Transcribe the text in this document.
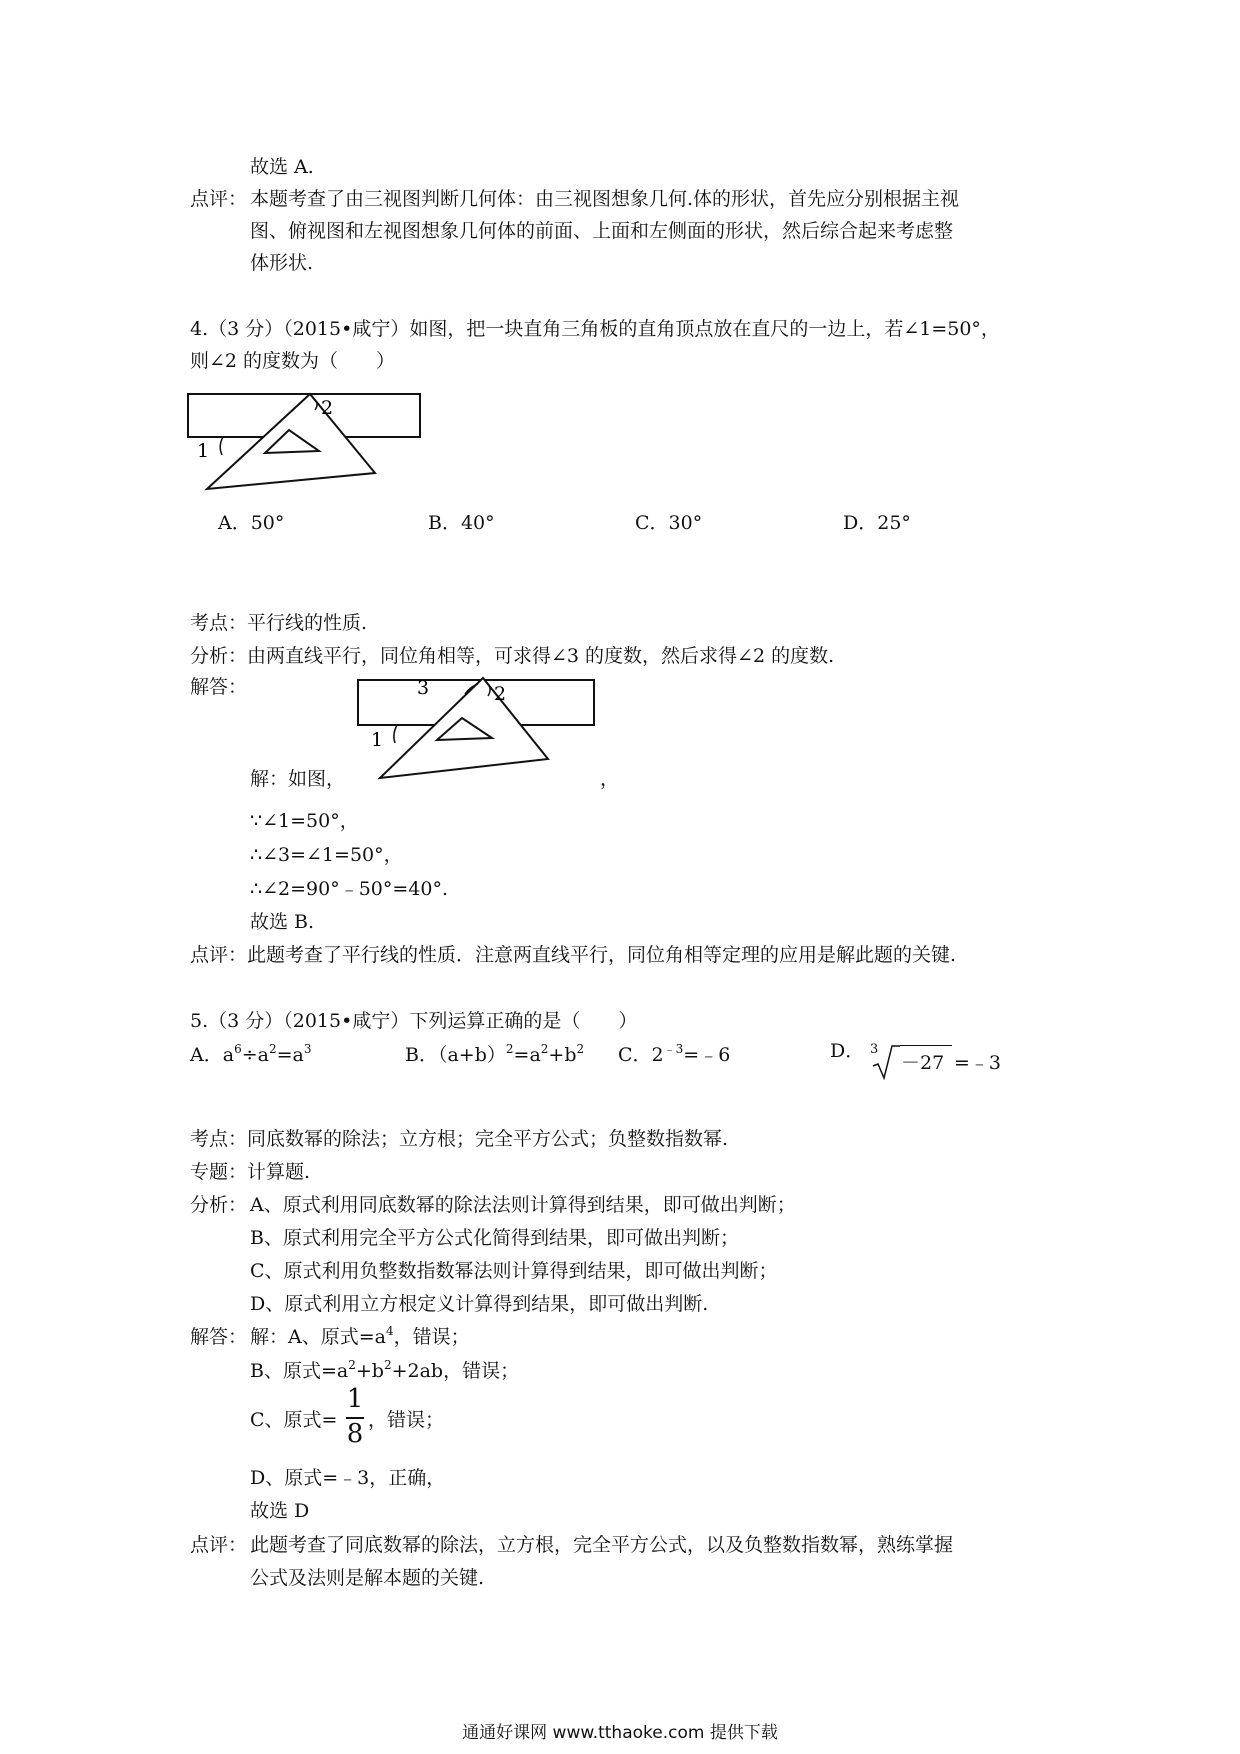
故选 A.
点评： 本题考查了由三视图判断几何体：由三视图想象几何.体的形状，首先应分别根据主视
图、俯视图和左视图想象几何体的前面、上面和左侧面的形状，然后综合起来考虑整
体形状.
4.（3 分）（2015•咸宁）如图，把一块直角三角板的直角顶点放在直尺的一边上，若∠1=50°，
则∠2 的度数为（　　）
1
2
A．50°	B．40°	C．30°	D．25°
考点：平行线的性质.
分析：由两直线平行，同位角相等，可求得∠3 的度数，然后求得∠2 的度数.
解答：
1
2
3
解：如图，	，
∵∠1=50°，
∴∠3=∠1=50°，
∴∠2=90°﹣50°=40°.
故选 B.
点评：此题考查了平行线的性质．注意两直线平行，同位角相等定理的应用是解此题的关键.
5.（3 分）（2015•咸宁）下列运算正确的是（　　）
A．$a^6\div a^2=a^3$	B．$(a+b)^2=a^2+b^2$ C．$2^{﹣3}=﹣6$	D． 3
－27 =﹣3
考点：同底数幂的除法；立方根；完全平方公式；负整数指数幂.
专题：计算题.
分析： A、原式利用同底数幂的除法法则计算得到结果，即可做出判断；
B、原式利用完全平方公式化简得到结果，即可做出判断；
C、原式利用负整数指数幂法则计算得到结果，即可做出判断；
D、原式利用立方根定义计算得到结果，即可做出判断.
解答： 解：A、原式$=a^4$，错误；
B、原式$=a^2+b^2+2ab$，错误；
C、原式=
1
8 ，错误；
D、原式=﹣3，正确，
故选 D
点评： 此题考查了同底数幂的除法，立方根，完全平方公式，以及负整数指数幂，熟练掌握
公式及法则是解本题的关键.
通通好课网 www.tthaoke.com 提供下载
